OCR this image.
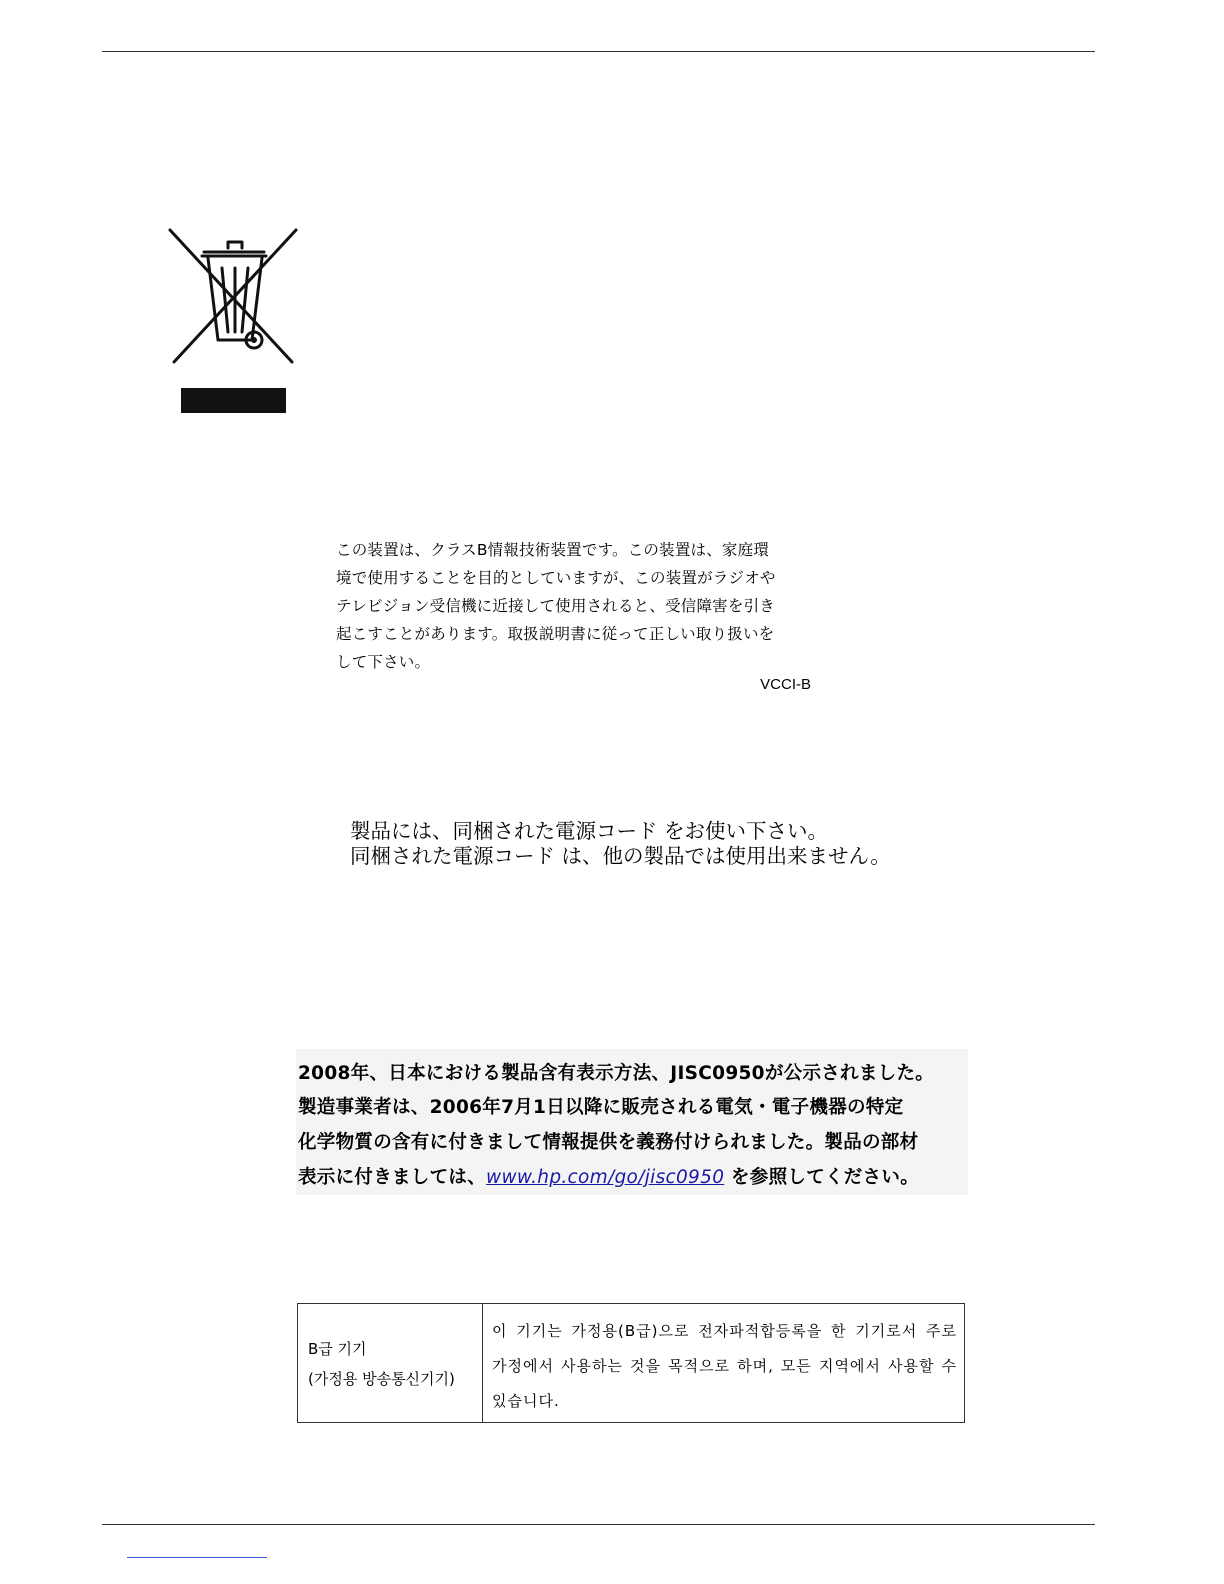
この装置は、クラスB情報技術装置です。この装置は、家庭環
境で使用することを目的としていますが、この装置がラジオや
テレビジョン受信機に近接して使用されると、受信障害を引き
起こすことがあります。取扱説明書に従って正しい取り扱いを
して下さい。
VCCI-B
製品には、同梱された電源コード をお使い下さい。
同梱された電源コード は、他の製品では使用出来ません。
2008年、日本における製品含有表示方法、JISC0950が公示されました。
製造事業者は、2006年7月1日以降に販売される電気・電子機器の特定
化学物質の含有に付きまして情報提供を義務付けられました。製品の部材
表示に付きましては、www.hp.com/go/jisc0950 を参照してください。
B급 기기
(가정용 방송통신기기)
이 기기는 가정용(B급)으로 전자파적합등록을 한 기기로서 주로 가정에서 사용하는 것을 목적으로 하며, 모든 지역에서 사용할 수 있습니다.
